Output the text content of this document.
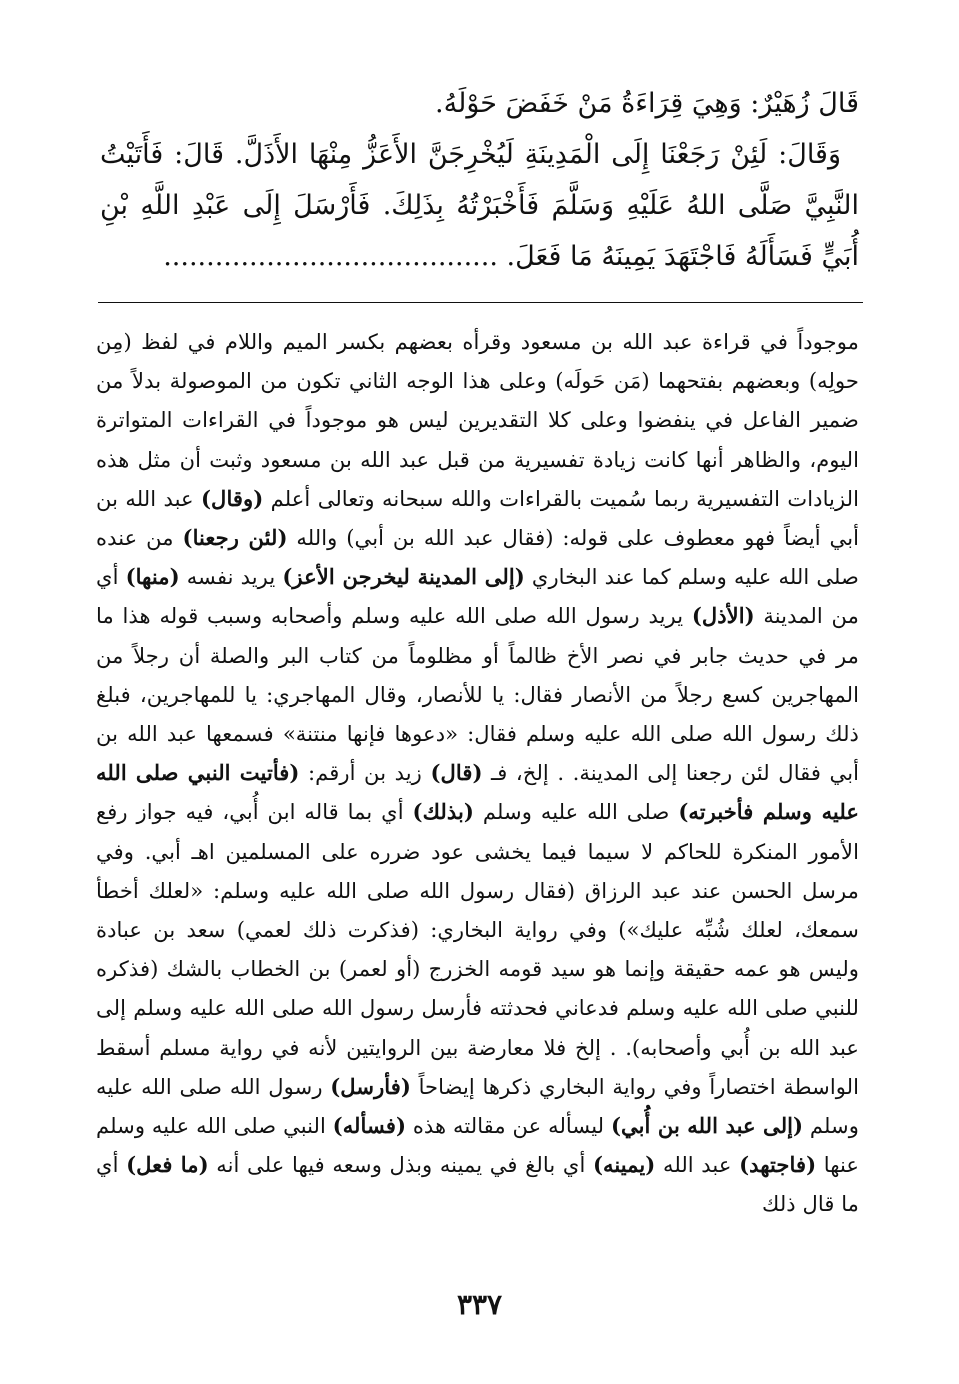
قَالَ زُهَيْرٌ: وَهِيَ قِرَاءَةُ مَنْ خَفَضَ حَوْلَهُ.

وَقَالَ: لَئِنْ رَجَعْنَا إِلَى الْمَدِينَةِ لَيُخْرِجَنَّ الأَعَزُّ مِنْهَا الأَذَلَّ. قَالَ: فَأَتَيْتُ النَّبِيَّ صَلَّى اللهُ عَلَيْهِ وَسَلَّمَ فَأَخْبَرْتُهُ بِذَلِكَ. فَأَرْسَلَ إِلَى عَبْدِ اللَّهِ بْنِ أُبَيٍّ فَسَأَلَهُ فَاجْتَهَدَ يَمِينَهُ مَا فَعَلَ. .......................................

موجوداً في قراءة عبد الله بن مسعود وقرأه بعضهم بكسر الميم واللام في لفظ (مِن حولِه) وبعضهم بفتحهما (مَن حَولَه) وعلى هذا الوجه الثاني تكون من الموصولة بدلاً من ضمير الفاعل في ينفضوا وعلى كلا التقديرين ليس هو موجوداً في القراءات المتواترة اليوم، والظاهر أنها كانت زيادة تفسيرية من قبل عبد الله بن مسعود وثبت أن مثل هذه الزيادات التفسيرية ربما سُميت بالقراءات والله سبحانه وتعالى أعلم (وقال) عبد الله بن أبي أيضاً فهو معطوف على قوله: (فقال عبد الله بن أبي) والله (لئن رجعنا) من عنده صلى الله عليه وسلم كما عند البخاري (إلى المدينة ليخرجن الأعز) يريد نفسه (منها) أي من المدينة (الأذل) يريد رسول الله صلى الله عليه وسلم وأصحابه وسبب قوله هذا ما مر في حديث جابر في نصر الأخ ظالماً أو مظلوماً من كتاب البر والصلة أن رجلاً من المهاجرين كسع رجلاً من الأنصار فقال: يا للأنصار، وقال المهاجري: يا للمهاجرين، فبلغ ذلك رسول الله صلى الله عليه وسلم فقال: «دعوها فإنها منتنة» فسمعها عبد الله بن أبي فقال لئن رجعنا إلى المدينة. . إلخ، فـ (قال) زيد بن أرقم: (فأتيت النبي صلى الله عليه وسلم فأخبرته) صلى الله عليه وسلم (بذلك) أي بما قاله ابن أُبي، فيه جواز رفع الأمور المنكرة للحاكم لا سيما فيما يخشى عود ضرره على المسلمين اهـ أبي. وفي مرسل الحسن عند عبد الرزاق (فقال رسول الله صلى الله عليه وسلم: «لعلك أخطأ سمعك، لعلك شُبِّه عليك») وفي رواية البخاري: (فذكرت ذلك لعمي) سعد بن عبادة وليس هو عمه حقيقة وإنما هو سيد قومه الخزرج (أو لعمر) بن الخطاب بالشك (فذكره للنبي صلى الله عليه وسلم فدعاني فحدثته فأرسل رسول الله صلى الله عليه وسلم إلى عبد الله بن أُبي وأصحابه). . إلخ فلا معارضة بين الروايتين لأنه في رواية مسلم أسقط الواسطة اختصاراً وفي رواية البخاري ذكرها إيضاحاً (فأرسل) رسول الله صلى الله عليه وسلم (إلى عبد الله بن أُبي) ليسأله عن مقالته هذه (فسأله) النبي صلى الله عليه وسلم عنها (فاجتهد) عبد الله (يمينه) أي بالغ في يمينه وبذل وسعه فيها على أنه (ما فعل) أي ما قال ذلك

٣٣٧
